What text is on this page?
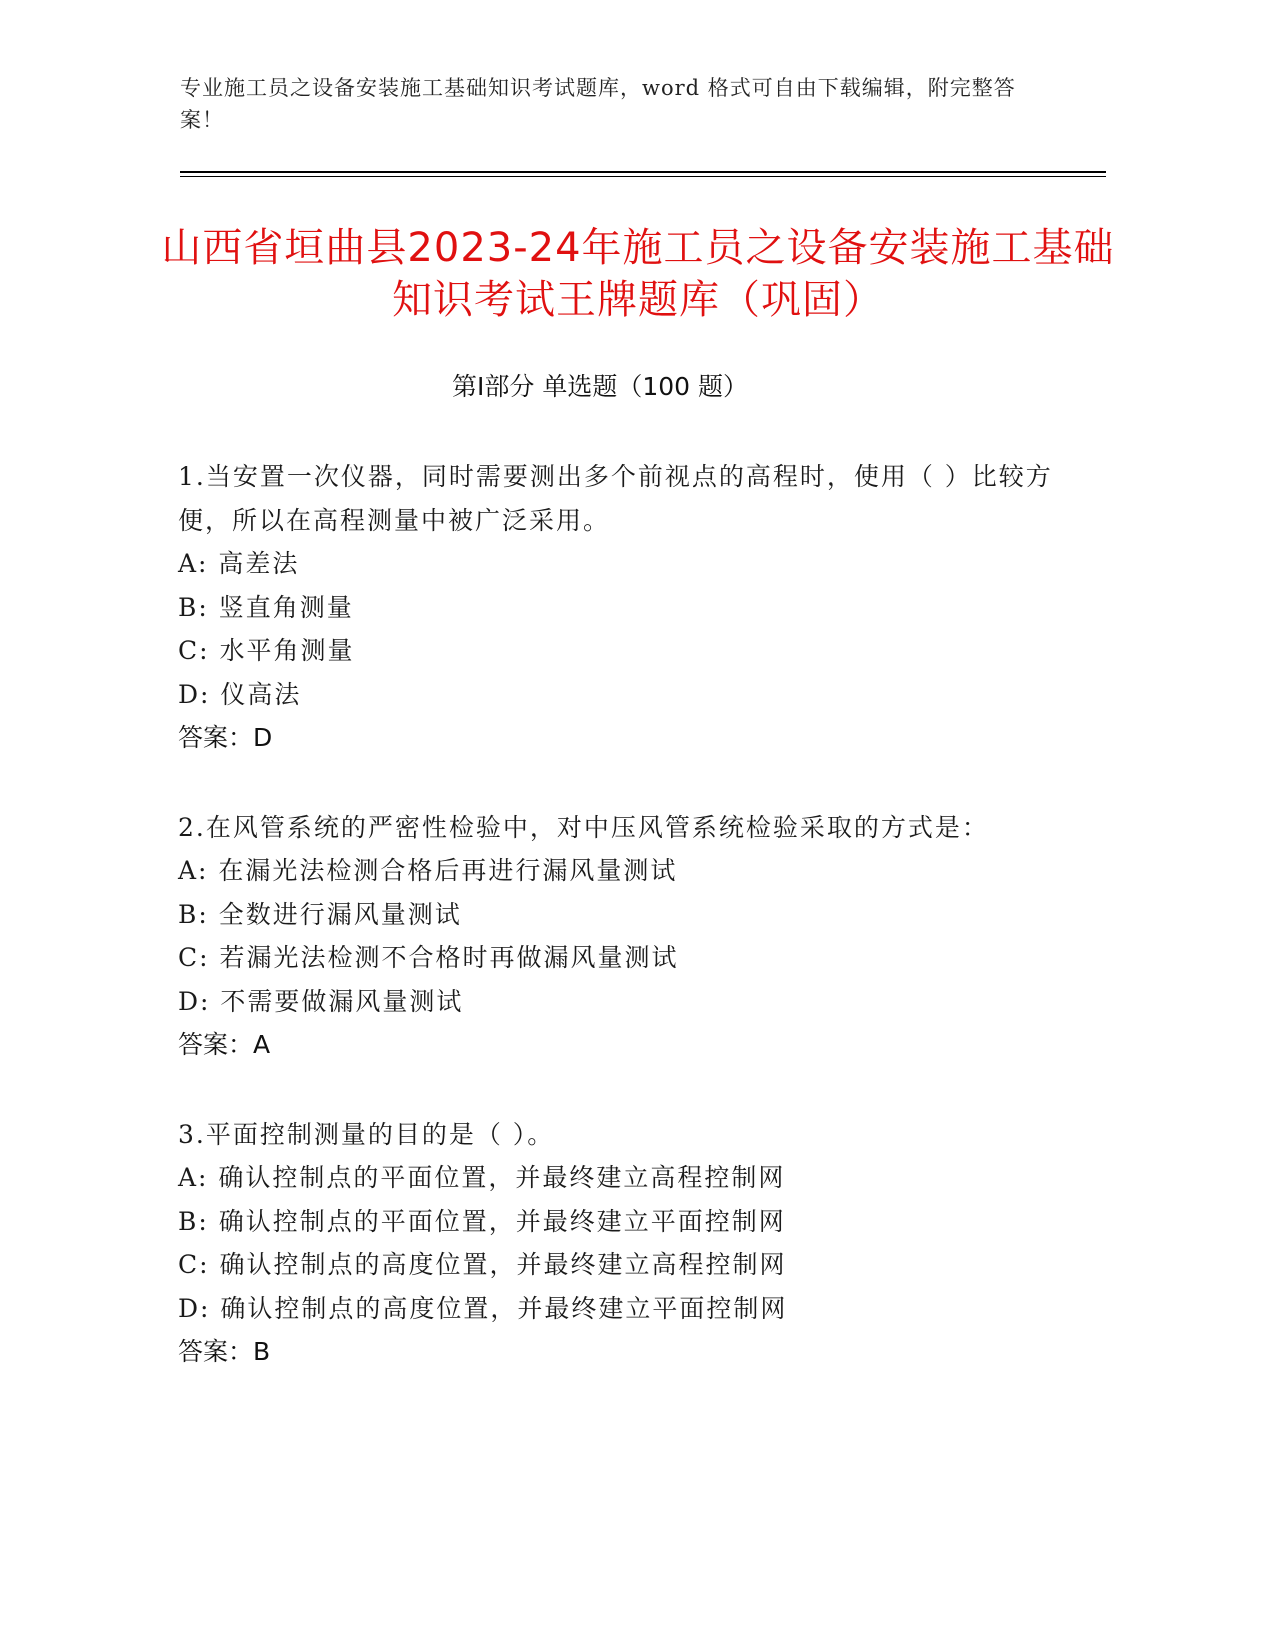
专业施工员之设备安装施工基础知识考试题库，word 格式可自由下载编辑，附完整答案！
山西省垣曲县2023-24年施工员之设备安装施工基础知识考试王牌题库（巩固）
第Ⅰ部分 单选题（100 题）

1.当安置一次仪器，同时需要测出多个前视点的高程时，使用（ ）比较方便，所以在高程测量中被广泛采用。

A: 高差法

B: 竖直角测量

C: 水平角测量

D: 仪高法

答案：D

2.在风管系统的严密性检验中，对中压风管系统检验采取的方式是：

A: 在漏光法检测合格后再进行漏风量测试

B: 全数进行漏风量测试

C: 若漏光法检测不合格时再做漏风量测试

D: 不需要做漏风量测试

答案：A

3.平面控制测量的目的是（ ）。

A: 确认控制点的平面位置，并最终建立高程控制网

B: 确认控制点的平面位置，并最终建立平面控制网

C: 确认控制点的高度位置，并最终建立高程控制网

D: 确认控制点的高度位置，并最终建立平面控制网

答案：B
